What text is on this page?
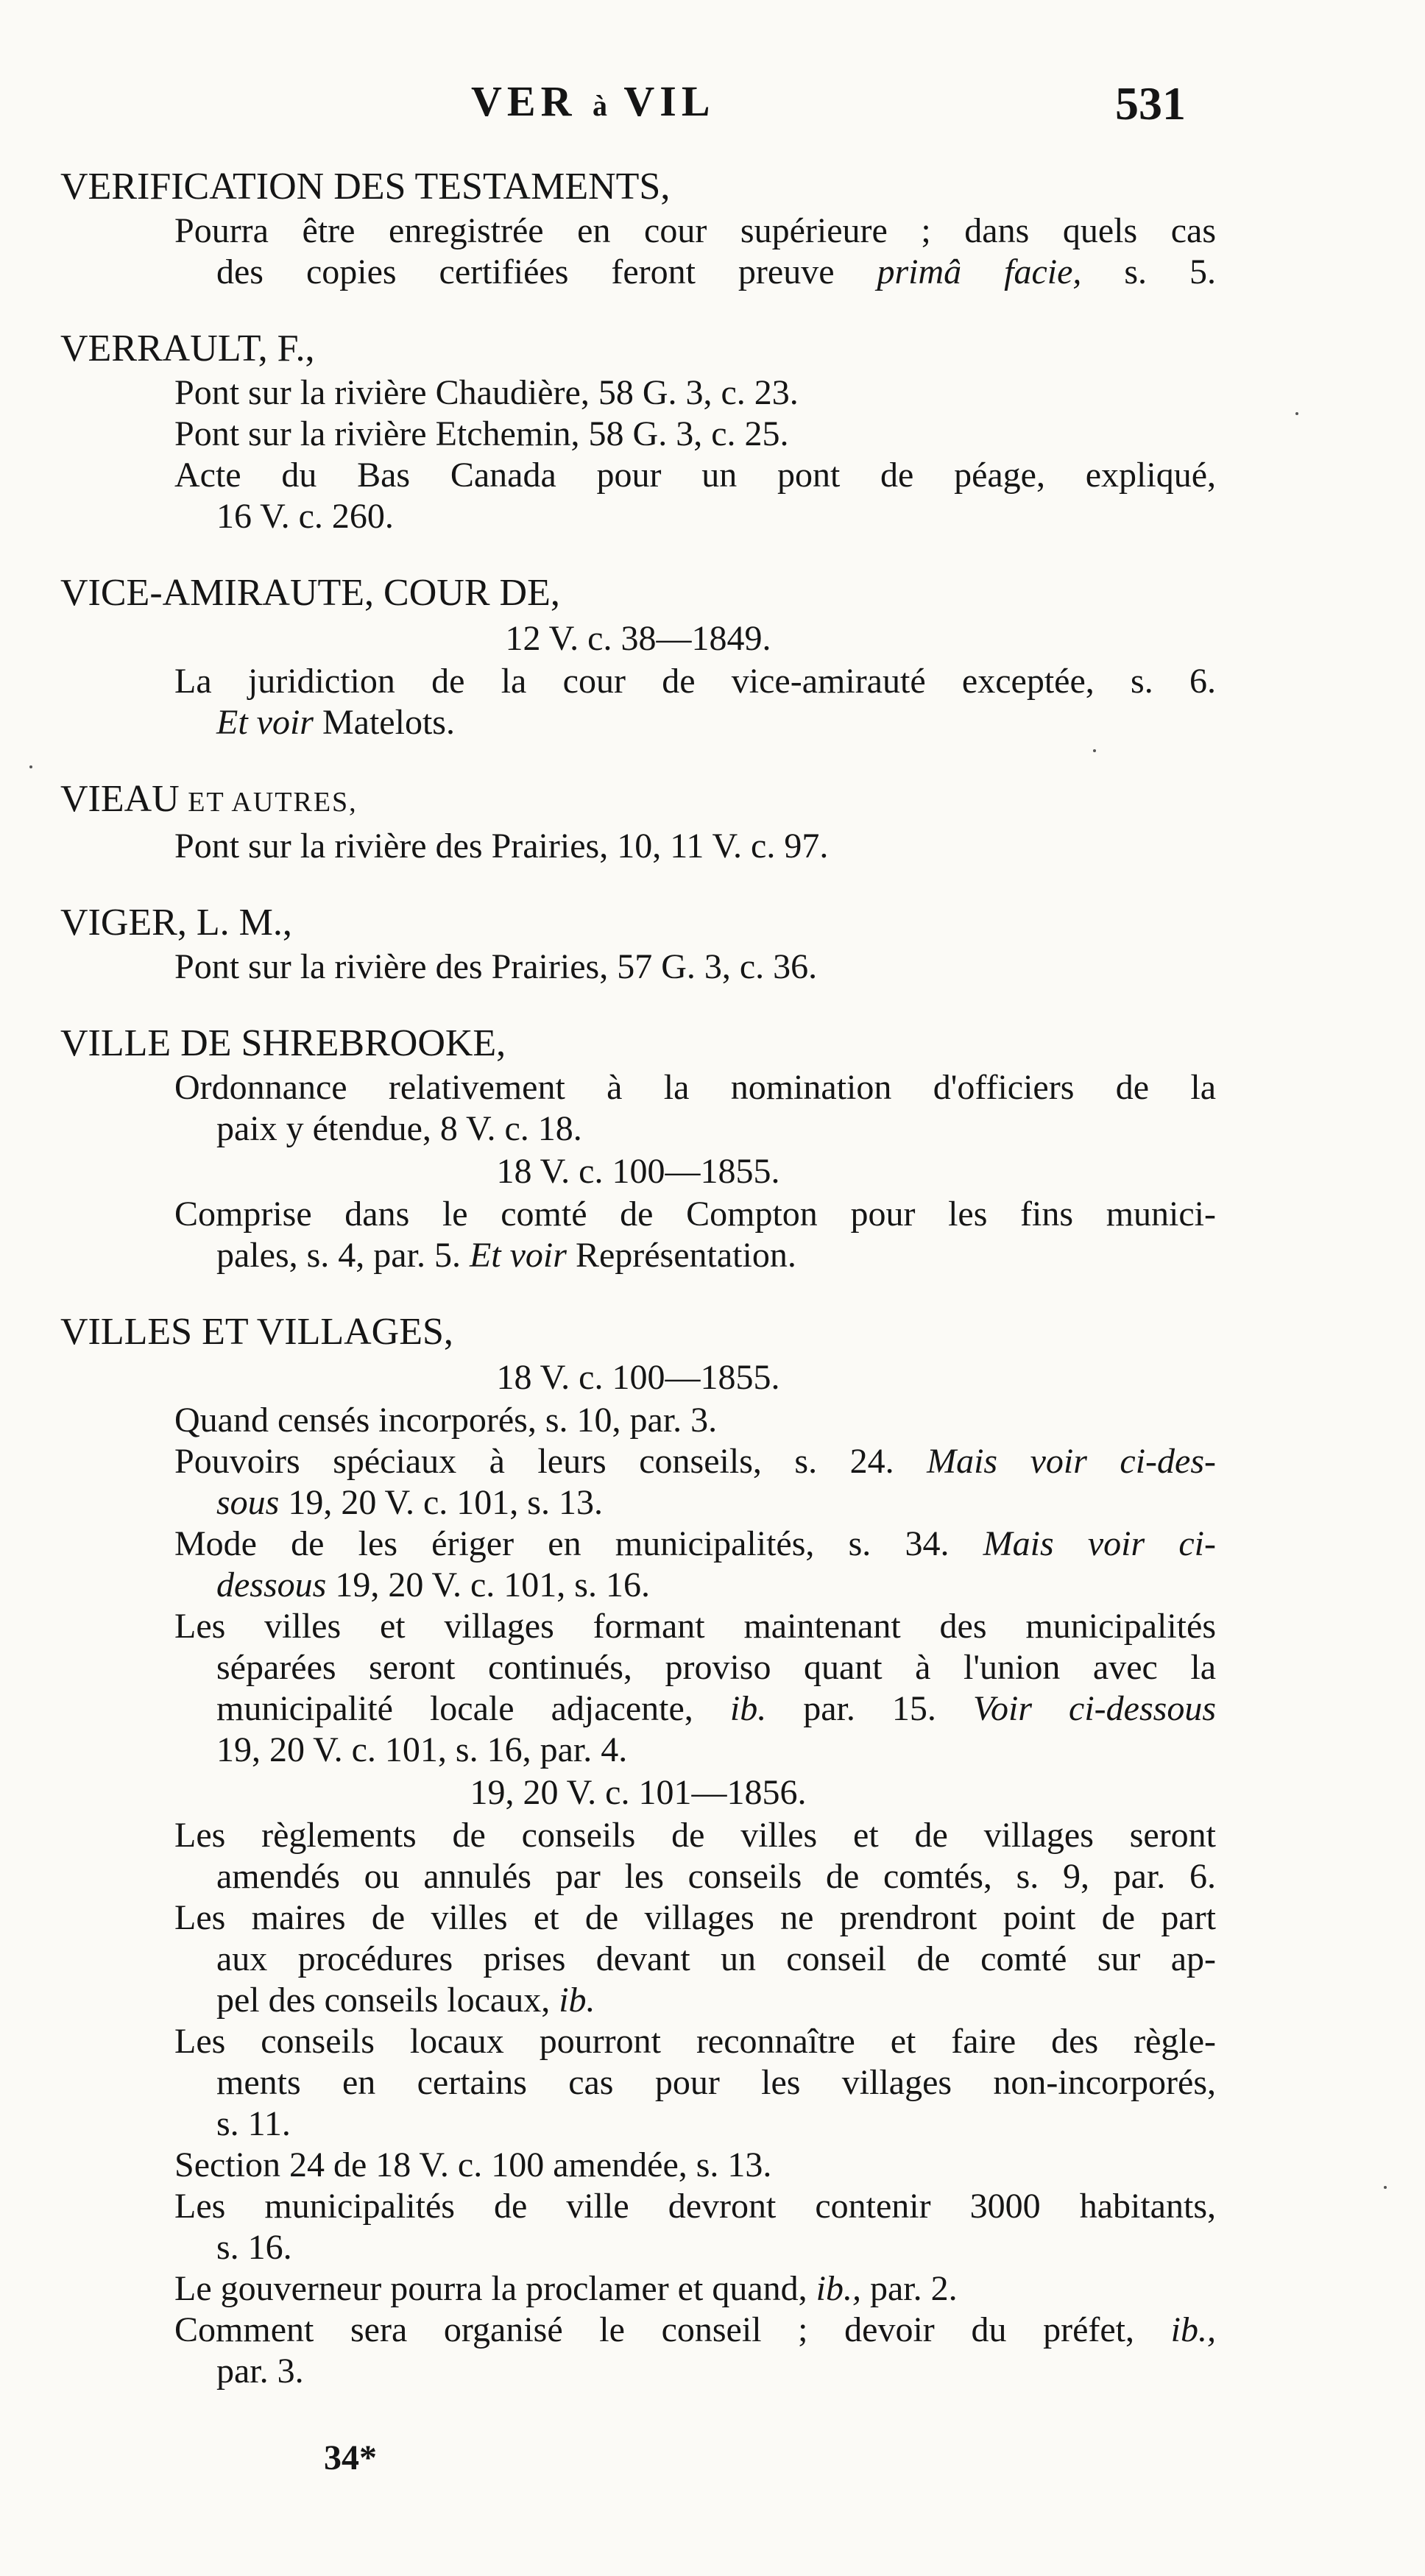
VER à VIL	531
VERIFICATION DES TESTAMENTS,
Pourra être enregistrée en cour supérieure ; dans quels cas
des copies certifiées feront preuve primâ facie, s. 5.
VERRAULT, F.,
Pont sur la rivière Chaudière, 58 G. 3, c. 23.
Pont sur la rivière Etchemin, 58 G. 3, c. 25.
Acte du Bas Canada pour un pont de péage, expliqué,
16 V. c. 260.
VICE-AMIRAUTE, COUR DE,
12 V. c. 38—1849.
La juridiction de la cour de vice-amirauté exceptée, s. 6.
Et voir Matelots.
VIEAU ET AUTRES,
Pont sur la rivière des Prairies, 10, 11 V. c. 97.
VIGER, L. M.,
Pont sur la rivière des Prairies, 57 G. 3, c. 36.
VILLE DE SHREBROOKE,
Ordonnance relativement à la nomination d'officiers de la
paix y étendue, 8 V. c. 18.
18 V. c. 100—1855.
Comprise dans le comté de Compton pour les fins munici-
pales, s. 4, par. 5. Et voir Représentation.
VILLES ET VILLAGES,
18 V. c. 100—1855.
Quand censés incorporés, s. 10, par. 3.
Pouvoirs spéciaux à leurs conseils, s. 24. Mais voir ci-des-
sous 19, 20 V. c. 101, s. 13.
Mode de les ériger en municipalités, s. 34. Mais voir ci-
dessous 19, 20 V. c. 101, s. 16.
Les villes et villages formant maintenant des municipalités
séparées seront continués, proviso quant à l'union avec la
municipalité locale adjacente, ib. par. 15. Voir ci-dessous
19, 20 V. c. 101, s. 16, par. 4.
19, 20 V. c. 101—1856.
Les règlements de conseils de villes et de villages seront
amendés ou annulés par les conseils de comtés, s. 9, par. 6.
Les maires de villes et de villages ne prendront point de part
aux procédures prises devant un conseil de comté sur ap-
pel des conseils locaux, ib.
Les conseils locaux pourront reconnaître et faire des règle-
ments en certains cas pour les villages non-incorporés,
s. 11.
Section 24 de 18 V. c. 100 amendée, s. 13.
Les municipalités de ville devront contenir 3000 habitants,
s. 16.
Le gouverneur pourra la proclamer et quand, ib., par. 2.
Comment sera organisé le conseil ; devoir du préfet, ib.,
par. 3.
34*
